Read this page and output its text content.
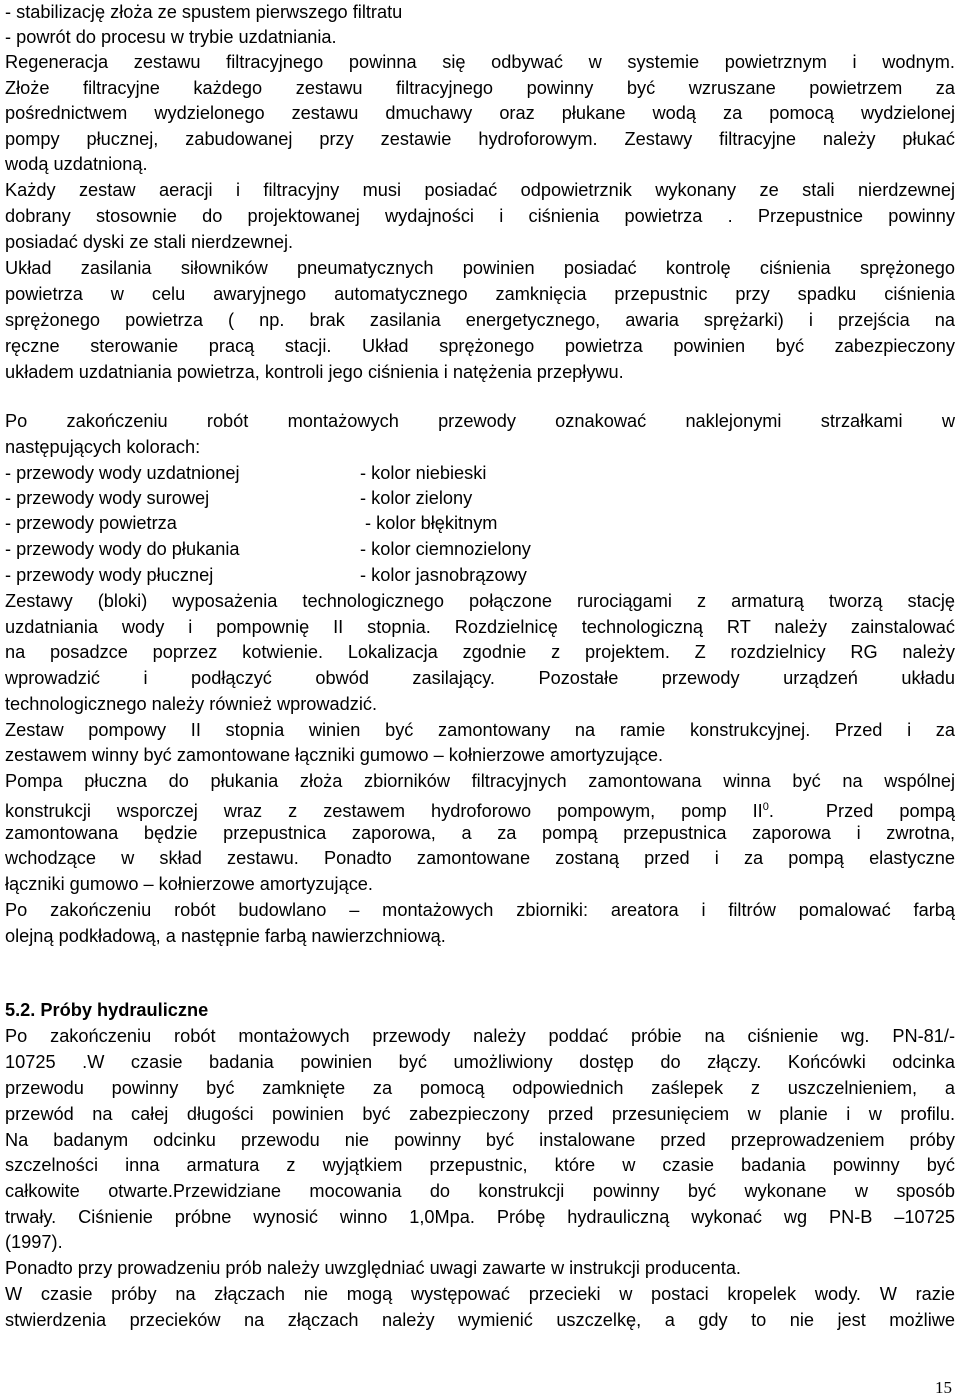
- stabilizację złoża ze spustem pierwszego filtratu
- powrót do procesu w trybie uzdatniania.
Regeneracja zestawu filtracyjnego powinna się odbywać w systemie powietrznym i wodnym.
Złoże filtracyjne każdego zestawu filtracyjnego powinny być wzruszane powietrzem za
pośrednictwem wydzielonego zestawu dmuchawy oraz płukane wodą za pomocą wydzielonej
pompy płucznej, zabudowanej przy zestawie hydroforowym. Zestawy filtracyjne należy płukać
wodą uzdatnioną.
Każdy zestaw aeracji i filtracyjny musi posiadać odpowietrznik wykonany ze stali nierdzewnej
dobrany stosownie do projektowanej wydajności i ciśnienia powietrza . Przepustnice powinny
posiadać dyski ze stali nierdzewnej.
Układ zasilania siłowników pneumatycznych powinien posiadać kontrolę ciśnienia sprężonego
powietrza w celu awaryjnego automatycznego zamknięcia przepustnic przy spadku ciśnienia
sprężonego powietrza ( np. brak zasilania energetycznego, awaria sprężarki) i przejścia na
ręczne sterowanie pracą stacji. Układ sprężonego powietrza powinien być zabezpieczony
układem uzdatniania powietrza, kontroli jego ciśnienia i natężenia przepływu.
Po zakończeniu robót montażowych przewody oznakować naklejonymi strzałkami w
następujących kolorach:
- przewody wody uzdatnionej	- kolor niebieski
- przewody wody surowej	- kolor zielony
- przewody powietrza	- kolor błękitnym
- przewody wody do płukania	- kolor ciemnozielony
- przewody wody płucznej	- kolor jasnobrązowy
Zestawy (bloki) wyposażenia technologicznego połączone rurociągami z armaturą tworzą stację
uzdatniania wody i pompownię II stopnia. Rozdzielnicę technologiczną RT należy zainstalować
na posadzce poprzez kotwienie. Lokalizacja zgodnie z projektem. Z rozdzielnicy RG należy
wprowadzić i podłączyć obwód zasilający. Pozostałe przewody urządzeń układu
technologicznego należy również wprowadzić.
Zestaw pompowy II stopnia winien być zamontowany na ramie konstrukcyjnej. Przed i za
zestawem winny być zamontowane łączniki gumowo – kołnierzowe amortyzujące.
Pompa płuczna do płukania złoża zbiorników filtracyjnych zamontowana winna być na wspólnej
konstrukcji wsporczej wraz z zestawem hydroforowo pompowym, pomp $II^0$.  Przed pompą
zamontowana będzie przepustnica zaporowa, a za pompą przepustnica zaporowa i zwrotna,
wchodzące w skład zestawu. Ponadto zamontowane zostaną przed i za pompą elastyczne
łączniki gumowo – kołnierzowe amortyzujące.
Po zakończeniu robót budowlano – montażowych zbiorniki: areatora i filtrów pomalować farbą
olejną podkładową, a następnie farbą nawierzchniową.
5.2. Próby hydrauliczne
Po zakończeniu robót montażowych przewody należy poddać próbie na ciśnienie wg. PN-81/-
10725 .W czasie badania powinien być umożliwiony dostęp do złączy. Końcówki odcinka
przewodu powinny być zamknięte za pomocą odpowiednich zaślepek z uszczelnieniem, a
przewód na całej długości powinien być zabezpieczony przed przesunięciem w planie i w profilu.
Na badanym odcinku przewodu nie powinny być instalowane przed przeprowadzeniem próby
szczelności inna armatura z wyjątkiem przepustnic, które w czasie badania powinny być
całkowite otwarte.Przewidziane mocowania do konstrukcji powinny być wykonane w sposób
trwały. Ciśnienie próbne wynosić winno 1,0Mpa. Próbę hydrauliczną wykonać wg PN-B –10725
(1997).
Ponadto przy prowadzeniu prób należy uwzględniać uwagi zawarte w instrukcji producenta.
W czasie próby na złączach nie mogą występować przecieki w postaci kropelek wody. W razie
stwierdzenia przecieków na złączach należy wymienić uszczelkę, a gdy to nie jest możliwe
15
